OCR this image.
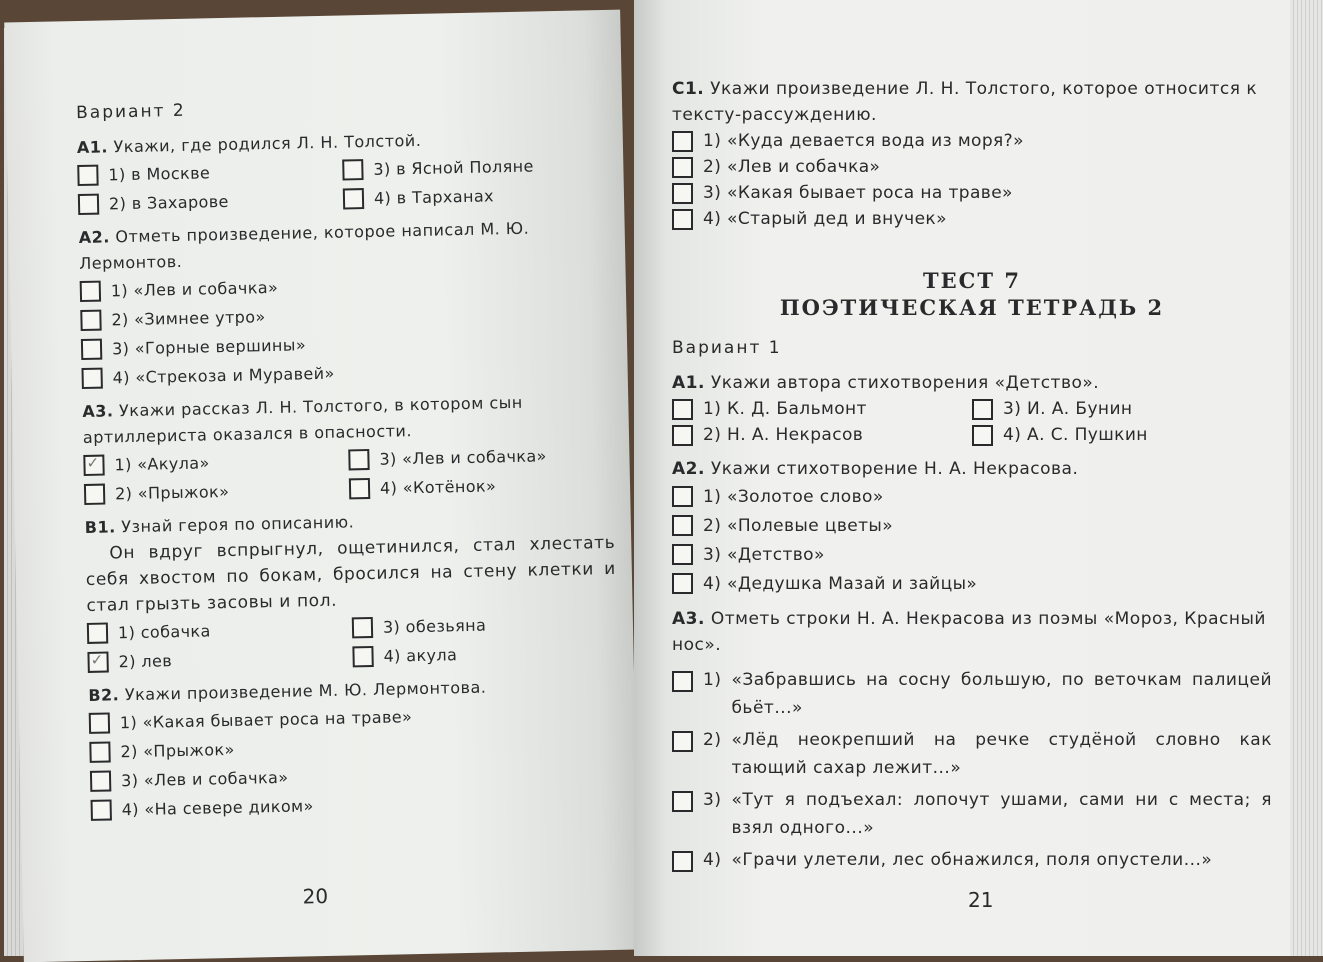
Вариант 2
А1. Укажи, где родился Л. Н. Толстой.
1) в Москве
2) в Захарове
3) в Ясной Поляне
4) в Тарханах
А2. Отметь произведение, которое написал М. Ю. Лермонтов.
1) «Лев и собачка»
2) «Зимнее утро»
3) «Горные вершины»
4) «Стрекоза и Муравей»
А3. Укажи рассказ Л. Н. Толстого, в котором сын артиллериста оказался в опасности.
✓
1) «Акула»
2) «Прыжок»
3) «Лев и собачка»
4) «Котёнок»
В1. Узнай героя по описанию.
Он вдруг вспрыгнул, ощетинился, стал хлестать себя хвостом по бокам, бросился на стену клетки и стал грызть засовы и пол.
1) собачка
✓
2) лев
3) обезьяна
4) акула
В2. Укажи произведение М. Ю. Лермонтова.
1) «Какая бывает роса на траве»
2) «Прыжок»
3) «Лев и собачка»
4) «На севере диком»
20
С1. Укажи произведение Л. Н. Толстого, которое относится к тексту-рассуждению.
1) «Куда девается вода из моря?»
2) «Лев и собачка»
3) «Какая бывает роса на траве»
4) «Старый дед и внучек»
ТЕСТ 7
ПОЭТИЧЕСКАЯ ТЕТРАДЬ 2
Вариант 1
А1. Укажи автора стихотворения «Детство».
1) К. Д. Бальмонт
2) Н. А. Некрасов
3) И. А. Бунин
4) А. С. Пушкин
А2. Укажи стихотворение Н. А. Некрасова.
1) «Золотое слово»
2) «Полевые цветы»
3) «Детство»
4) «Дедушка Мазай и зайцы»
А3. Отметь строки Н. А. Некрасова из поэмы «Мороз, Красный нос».
1) «Забравшись на сосну большую, по веточкам палицей бьёт...»
2) «Лёд неокрепший на речке студёной словно как тающий сахар лежит...»
3) «Тут я подъехал: лопочут ушами, сами ни с места; я взял одного...»
4) «Грачи улетели, лес обнажился, поля опустели...»
21
